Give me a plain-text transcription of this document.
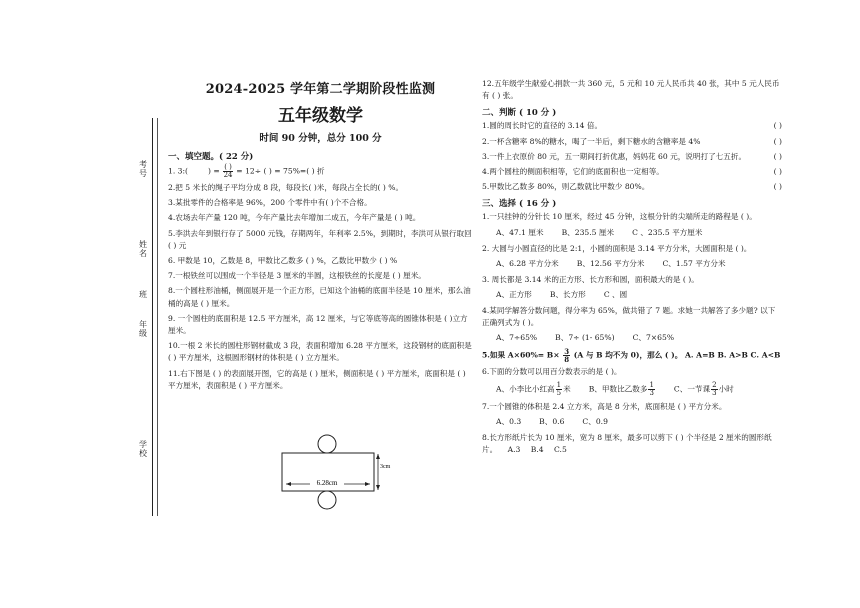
考号
姓名
班
年级
学校
2024-2025 学年第二学期阶段性监测
五年级数学
时间 90 分钟，总分 100 分
一、填空题。( 22 分)
1. 3:(	) = $\frac{( )}{24} = 12\div$ ( ) = 75%=( ) 折
2.把 5 米长的绳子平均分成 8 段，每段长( )米，每段占全长的( ) %。
3.某批零件的合格率是 96%，200 个零件中有( )个不合格。
4.农场去年产量 120 吨，今年产量比去年增加二成五，今年产量是 ( ) 吨。
5.李洪去年到银行存了 5000 元钱，存期两年，年利率 2.5%，到期时，李洪可从银行取回 ( ) 元
6. 甲数是 10，乙数是 8，甲数比乙数多 ( ) %，乙数比甲数少 ( ) %
7.一根铁丝可以围成一个半径是 3 厘米的半圆，这根铁丝的长度是 ( ) 厘米。
8.一个圆柱形油桶，侧面展开是一个正方形，已知这个油桶的底面半径是 10 厘米，那么油桶的高是 ( ) 厘米。
9. 一个圆柱的底面积是 12.5 平方厘米，高 12 厘米，与它等底等高的圆锥体积是 ( )立方厘米。
10.一根 2 米长的圆柱形钢材截成 3 段，表面积增加 6.28 平方厘米，这段钢材的底面积是 ( ) 平方厘米，这根圆形钢材的体积是 ( ) 立方厘米。
11.右下图是 ( ) 的表面展开图，它的高是 ( ) 厘米，侧面积是 ( ) 平方厘米，底面积是 ( ) 平方厘米，表面积是 ( ) 平方厘米。
6.28cm
3cm
12.五年级学生献爱心捐款一共 360 元，5 元和 10 元人民币共 40 张，其中 5 元人民币有 ( ) 张。
二、判断 ( 10 分 )
1.圆的周长时它的直径的 3.14 倍。	( )
2.一杯含糖率 8%的糖水，喝了一半后，剩下糖水的含糖率是 4%	( )
3.一件上衣原价 80 元，五一期间打折优惠，妈妈花 60 元，说明打了七五折。	( )
4.两个圆柱的侧面积相等，它们的底面积也一定相等。	( )
5.甲数比乙数多 80%，则乙数就比甲数少 80%。	( )
三、选择 ( 16 分 )
1.一只挂钟的分针长 10 厘米，经过 45 分钟，这根分针的尖端所走的路程是 ( )。
A、47.1 厘米 B、235.5 厘米 C 、235.5 平方厘米
2. 大圆与小圆直径的比是 2:1，小圆的面积是 3.14 平方分米，大圆面积是 ( )。
A、6.28 平方分米 B、12.56 平方分米 C、1.57 平方分米
3. 周长都是 3.14 米的正方形、长方形和圆，面积最大的是 ( )。
A、正方形 B、长方形 C 、圆
4.某同学解答分数问题，得分率为 65%，做共错了 7 题。求她一共解答了多少题? 以下正确列式为 ( )。
A、7÷65% B、7÷ (1- 65%) C、7×65%
5.如果 $A\times 60\%= B\times \frac{3}{8} (A$ 与 B 均不为 0)，那么 ( )。 A. A=B B. A>B C. A<B
6.下面的分数可以用百分数表示的是 ( )。
A、小李比小红高 $\frac{1}{5}$ 米 B、甲数比乙数多 $\frac{1}{3}$	C、一节课 $\frac{2}{3}$ 小时
7.一个圆锥的体积是 2.4 立方米，高是 8 分米，底面积是 ( ) 平方分米。
A、0.3 B、0.6 C、0.9
8.长方形纸片长为 10 厘米，宽为 8 厘米，最多可以剪下 ( ) 个半径是 2 厘米的圆形纸片。 A.3 B.4 C.5
